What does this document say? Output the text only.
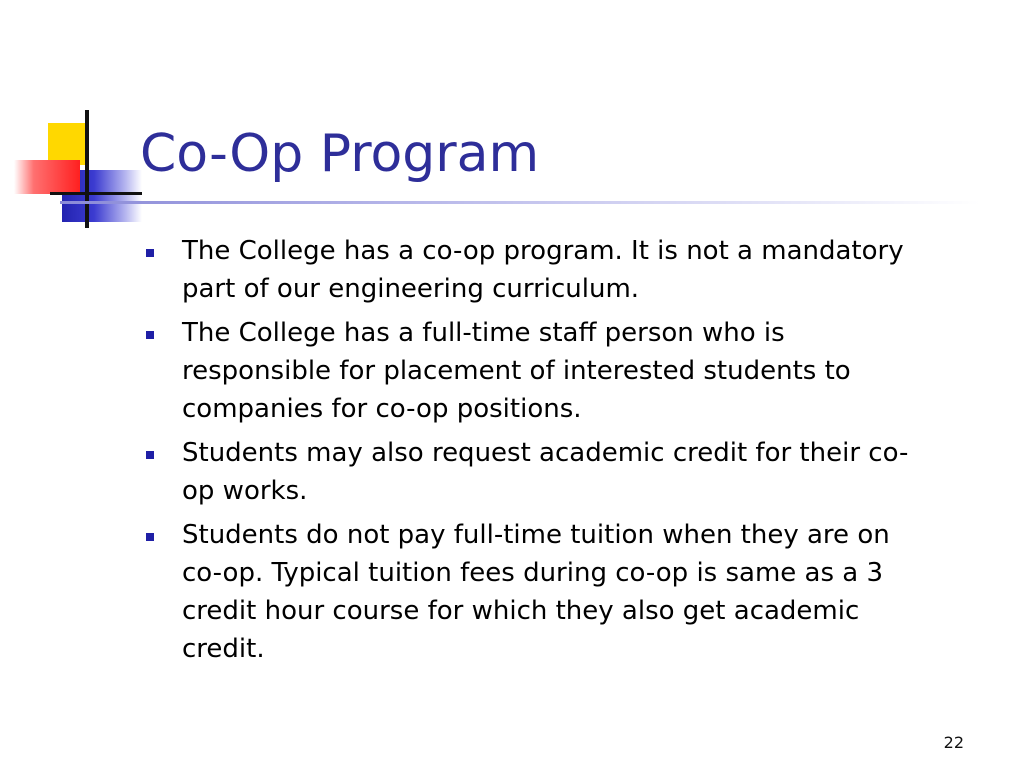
Co-Op Program
The College has a co-op program. It is not a mandatory part of our engineering curriculum.
The College has a full-time staff person who is responsible for placement of interested students to companies for co-op positions.
Students may also request academic credit for their co-op works.
Students do not pay full-time tuition when they are on co-op. Typical tuition fees during co-op is same as a 3 credit hour course for which they also get academic credit.
22
